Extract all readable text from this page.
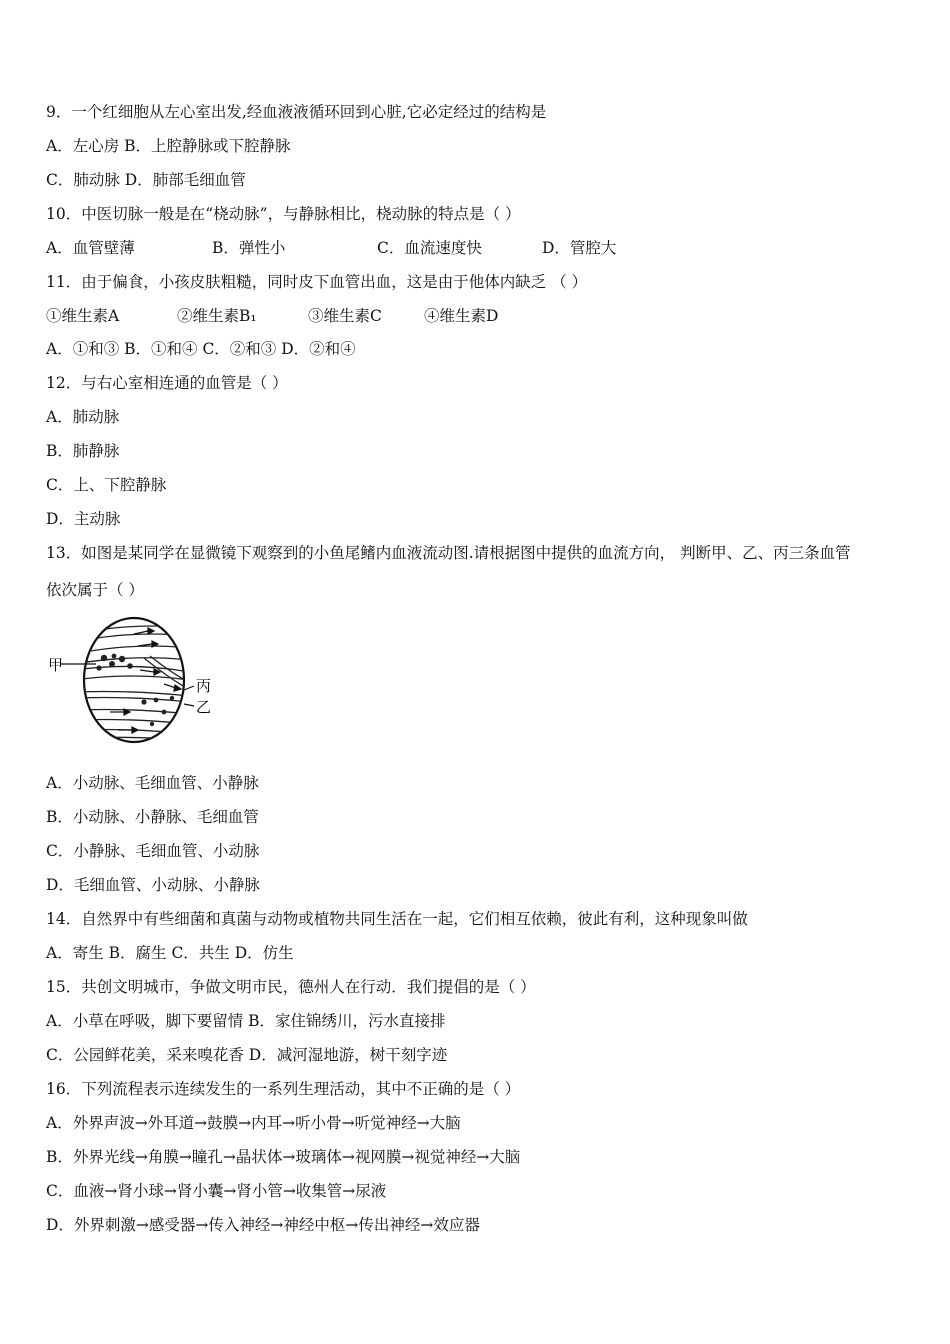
9．一个红细胞从左心室出发,经血液液循环回到心脏,它必定经过的结构是
A．左心房 B．上腔静脉或下腔静脉
C．肺动脉 D．肺部毛细血管
10．中医切脉一般是在“桡动脉”，与静脉相比，桡动脉的特点是（ ）
A．血管壁薄	B．弹性小	C．血流速度快	D．管腔大
11．由于偏食，小孩皮肤粗糙，同时皮下血管出血，这是由于他体内缺乏 （ ）
①维生素A	②维生素B₁	③维生素C	④维生素D
A．①和③ B．①和④ C．②和③ D．②和④
12．与右心室相连通的血管是（ ）
A．肺动脉
B．肺静脉
C．上、下腔静脉
D．主动脉
13．如图是某同学在显微镜下观察到的小鱼尾鳍内血液流动图.请根据图中提供的血流方向， 判断甲、乙、丙三条血管
依次属于（ ）
甲
丙
乙
A．小动脉、毛细血管、小静脉
B．小动脉、小静脉、毛细血管
C．小静脉、毛细血管、小动脉
D．毛细血管、小动脉、小静脉
14．自然界中有些细菌和真菌与动物或植物共同生活在一起，它们相互依赖，彼此有利，这种现象叫做
A．寄生 B．腐生 C．共生 D．仿生
15．共创文明城市，争做文明市民，德州人在行动．我们提倡的是（ ）
A．小草在呼吸，脚下要留情 B．家住锦绣川，污水直接排
C．公园鲜花美，采来嗅花香 D．减河湿地游，树干刻字迹
16．下列流程表示连续发生的一系列生理活动，其中不正确的是（ ）
A．外界声波→外耳道→鼓膜→内耳→听小骨→听觉神经→大脑
B．外界光线→角膜→瞳孔→晶状体→玻璃体→视网膜→视觉神经→大脑
C．血液→肾小球→肾小囊→肾小管→收集管→尿液
D．外界刺激→感受器→传入神经→神经中枢→传出神经→效应器
